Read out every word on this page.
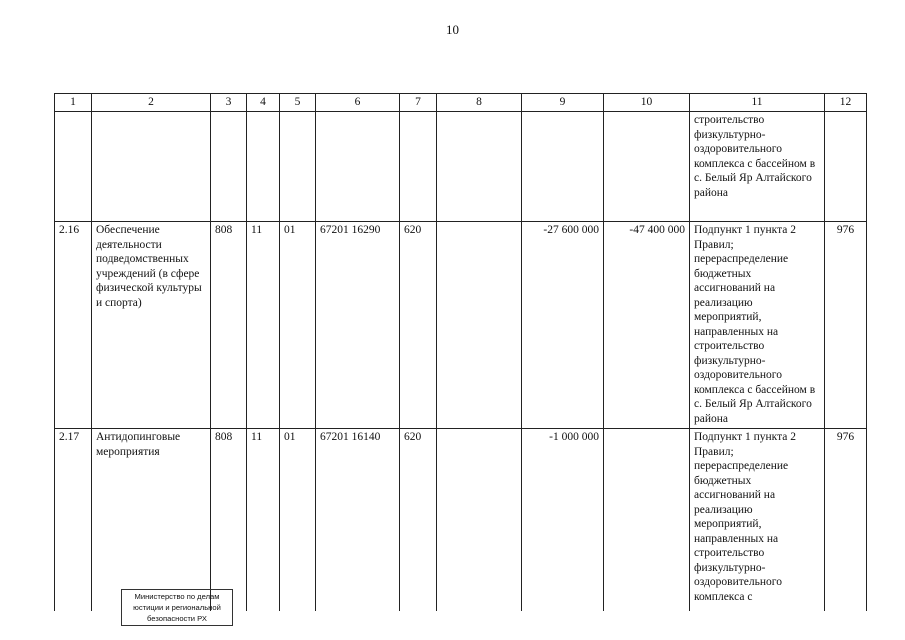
10
1	2	3	4	5	6	7	8	9	10	11	12
										строительство физкультурно-оздоровительного комплекса с бассейном в с. Белый Яр Алтайского района	
2.16	Обеспечение деятельности подведомственных учреждений (в сфере физической культуры и спорта)	808	11	01	67201 16290	620		-27 600 000	-47 400 000	Подпункт 1 пункта 2 Правил; перераспределение бюджетных ассигнований на реализацию мероприятий, направленных на строительство физкультурно-оздоровительного комплекса с бассейном в с. Белый Яр Алтайского района	976
2.17	Антидопинговые мероприятия	808	11	01	67201 16140	620		-1 000 000		Подпункт 1 пункта 2 Правил; перераспределение бюджетных ассигнований на реализацию мероприятий, направленных на строительство физкультурно-оздоровительного комплекса с	976
Министерство по делам
юстиции и региональной
безопасности РХ
